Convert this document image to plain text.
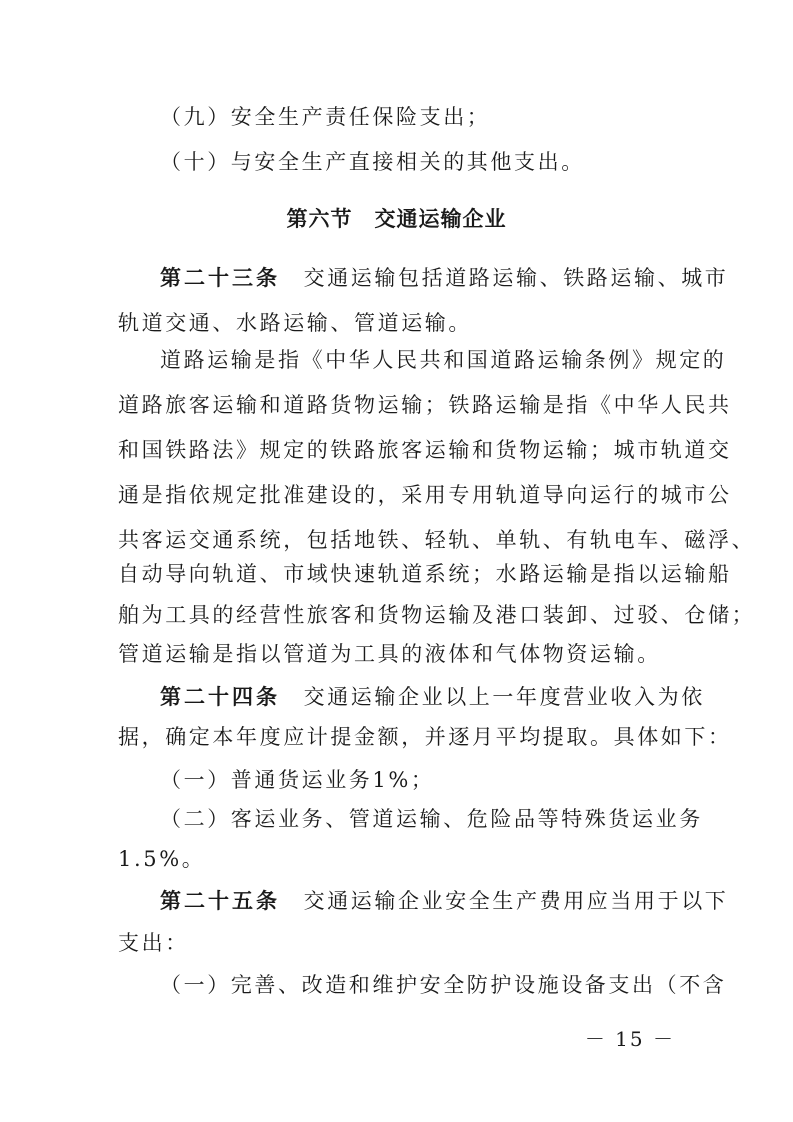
（九）安全生产责任保险支出；
（十）与安全生产直接相关的其他支出。
第六节　交通运输企业
第二十三条　交通运输包括道路运输、铁路运输、城市
轨道交通、水路运输、管道运输。
道路运输是指《中华人民共和国道路运输条例》规定的
道路旅客运输和道路货物运输；铁路运输是指《中华人民共
和国铁路法》规定的铁路旅客运输和货物运输；城市轨道交
通是指依规定批准建设的，采用专用轨道导向运行的城市公
共客运交通系统，包括地铁、轻轨、单轨、有轨电车、磁浮、
自动导向轨道、市域快速轨道系统；水路运输是指以运输船
舶为工具的经营性旅客和货物运输及港口装卸、过驳、仓储；
管道运输是指以管道为工具的液体和气体物资运输。
第二十四条　交通运输企业以上一年度营业收入为依
据，确定本年度应计提金额，并逐月平均提取。具体如下：
（一）普通货运业务1%；
（二）客运业务、管道运输、危险品等特殊货运业务
1.5%。
第二十五条　交通运输企业安全生产费用应当用于以下
支出：
（一）完善、改造和维护安全防护设施设备支出（不含
－ 15 －
